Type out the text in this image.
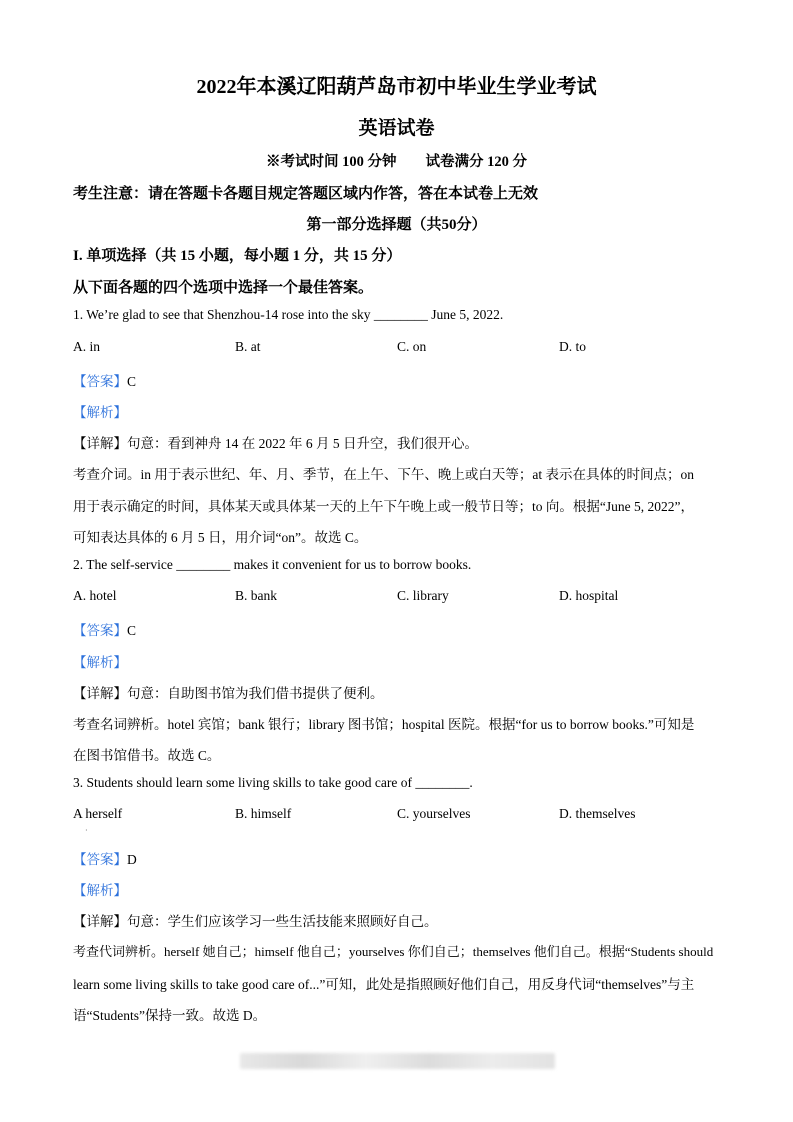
2022年本溪辽阳葫芦岛市初中毕业生学业考试
英语试卷
※考试时间 100 分钟　　试卷满分 120 分
考生注意：请在答题卡各题目规定答题区域内作答，答在本试卷上无效
第一部分选择题（共50分）
I. 单项选择（共 15 小题，每小题 1 分，共 15 分）
从下面各题的四个选项中选择一个最佳答案。
1. We’re glad to see that Shenzhou-14 rose into the sky ________ June 5, 2022.
A. in	B. at	C. on	D. to
【答案】C
【解析】
【详解】句意：看到神舟 14 在 2022 年 6 月 5 日升空，我们很开心。
考查介词。in 用于表示世纪、年、月、季节，在上午、下午、晚上或白天等；at 表示在具体的时间点；on
用于表示确定的时间，具体某天或具体某一天的上午下午晚上或一般节日等；to 向。根据“June 5, 2022”，
可知表达具体的 6 月 5 日，用介词“on”。故选 C。
2. The self-service ________ makes it convenient for us to borrow books.
A. hotel	B. bank	C. library	D. hospital
【答案】C
【解析】
【详解】句意：自助图书馆为我们借书提供了便利。
考查名词辨析。hotel 宾馆；bank 银行；library 图书馆；hospital 医院。根据“for us to borrow books.”可知是
在图书馆借书。故选 C。
3. Students should learn some living skills to take good care of ________.
A herself
·
B. himself	C. yourselves	D. themselves
【答案】D
【解析】
【详解】句意：学生们应该学习一些生活技能来照顾好自己。
考查代词辨析。herself 她自己；himself 他自己；yourselves 你们自己；themselves 他们自己。根据“Students should
learn some living skills to take good care of...”可知，此处是指照顾好他们自己，用反身代词“themselves”与主
语“Students”保持一致。故选 D。
